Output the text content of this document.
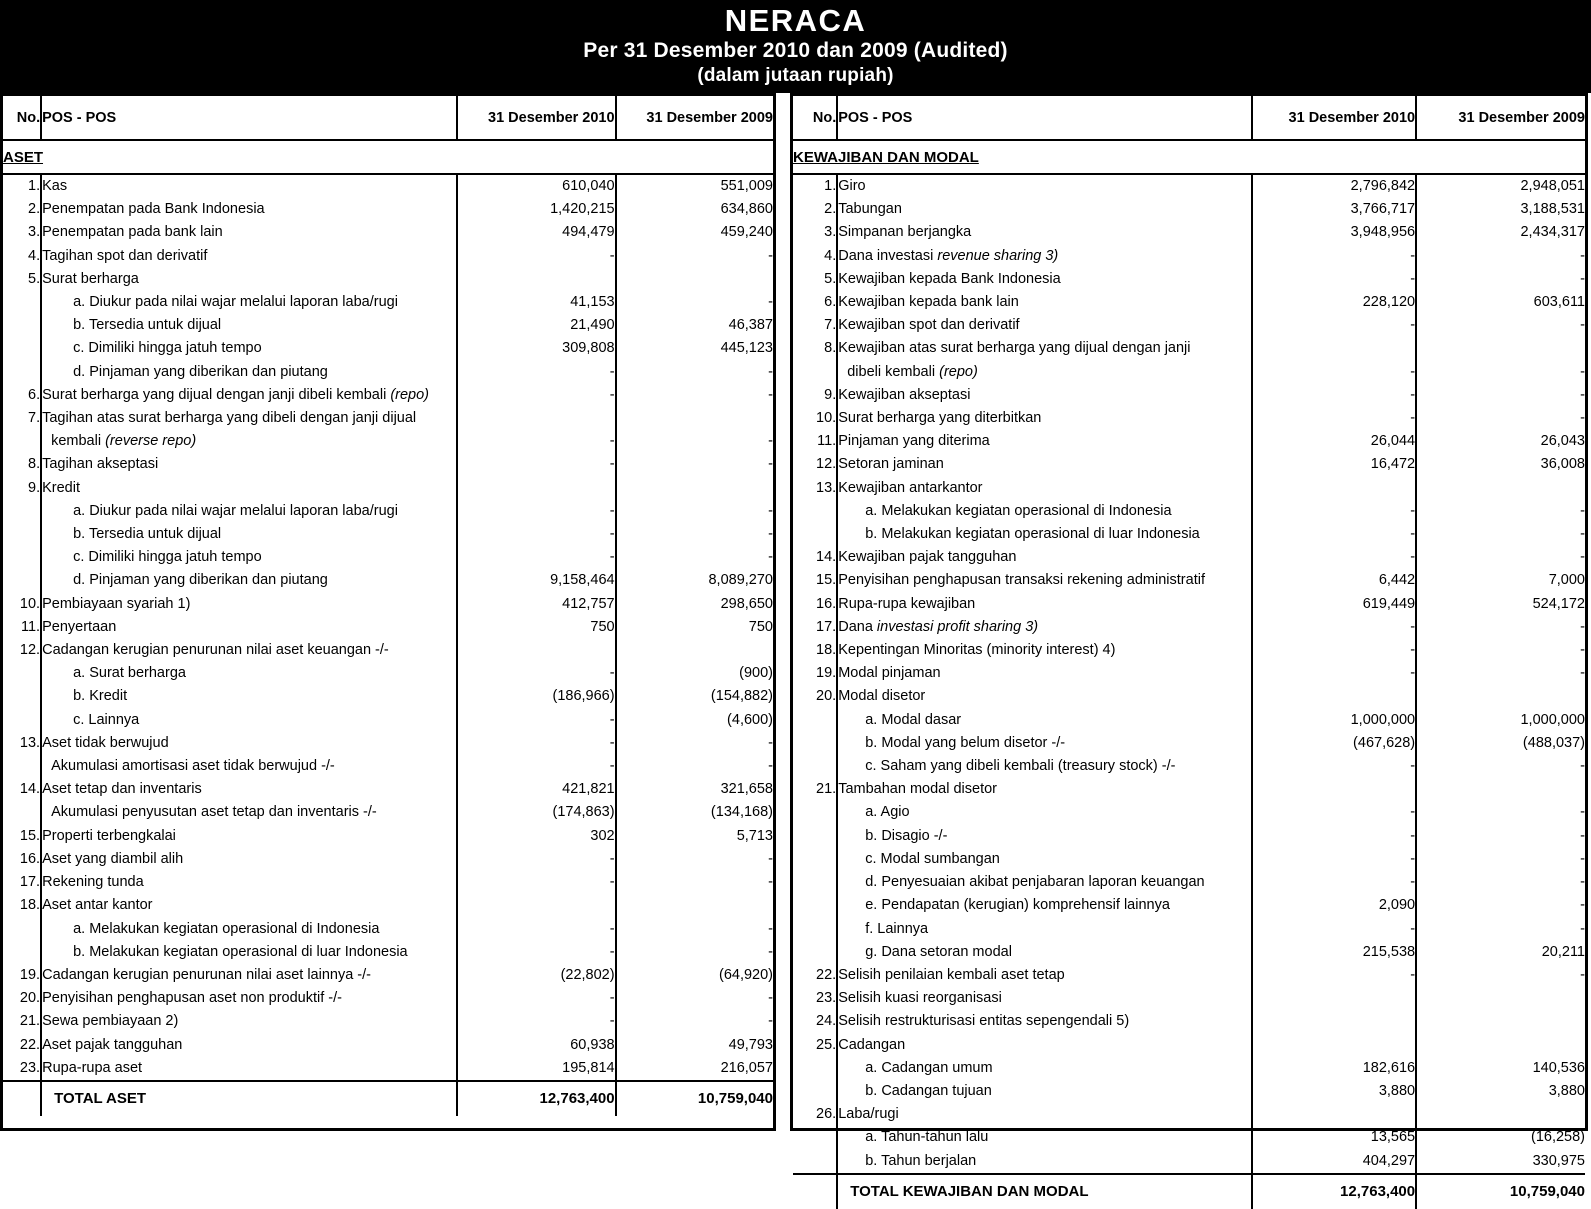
NERACA
Per 31 Desember 2010 dan 2009 (Audited)
(dalam jutaan rupiah)
No.	POS - POS	31 Desember 2010	31 Desember 2009
ASET			
1.	Kas	610,040	551,009
2.	Penempatan pada Bank Indonesia	1,420,215	634,860
3.	Penempatan pada bank lain	494,479	459,240
4.	Tagihan spot dan derivatif	-	-
5.	Surat berharga		
	a. Diukur pada nilai wajar melalui laporan laba/rugi	41,153	-
	b. Tersedia untuk dijual	21,490	46,387
	c. Dimiliki hingga jatuh tempo	309,808	445,123
	d. Pinjaman yang diberikan dan piutang	-	-
6.	Surat berharga yang dijual dengan janji dibeli kembali (repo)	-	-
7.	Tagihan atas surat berharga yang dibeli dengan janji dijual		
	kembali (reverse repo)	-	-
8.	Tagihan akseptasi	-	-
9.	Kredit		
	a. Diukur pada nilai wajar melalui laporan laba/rugi	-	-
	b. Tersedia untuk dijual	-	-
	c. Dimiliki hingga jatuh tempo	-	-
	d. Pinjaman yang diberikan dan piutang	9,158,464	8,089,270
10.	Pembiayaan syariah 1)	412,757	298,650
11.	Penyertaan	750	750
12.	Cadangan kerugian penurunan nilai aset keuangan -/-		
	a. Surat berharga	-	(900)
	b. Kredit	(186,966)	(154,882)
	c. Lainnya	-	(4,600)
13.	Aset tidak berwujud	-	-
	Akumulasi amortisasi aset tidak berwujud -/-	-	-
14.	Aset tetap dan inventaris	421,821	321,658
	Akumulasi penyusutan aset tetap dan inventaris -/-	(174,863)	(134,168)
15.	Properti terbengkalai	302	5,713
16.	Aset yang diambil alih	-	-
17.	Rekening tunda	-	-
18.	Aset antar kantor		
	a. Melakukan kegiatan operasional di Indonesia	-	-
	b. Melakukan kegiatan operasional di luar Indonesia	-	-
19.	Cadangan kerugian penurunan nilai aset lainnya -/-	(22,802)	(64,920)
20.	Penyisihan penghapusan aset non produktif -/-	-	-
21.	Sewa pembiayaan 2)	-	-
22.	Aset pajak tangguhan	60,938	49,793
23.	Rupa-rupa aset	195,814	216,057
	TOTAL ASET	12,763,400	10,759,040
No.	POS - POS	31 Desember 2010	31 Desember 2009
KEWAJIBAN DAN MODAL			
1.	Giro	2,796,842	2,948,051
2.	Tabungan	3,766,717	3,188,531
3.	Simpanan berjangka	3,948,956	2,434,317
4.	Dana investasi revenue sharing 3)	-	-
5.	Kewajiban kepada Bank Indonesia	-	-
6.	Kewajiban kepada bank lain	228,120	603,611
7.	Kewajiban spot dan derivatif	-	-
8.	Kewajiban atas surat berharga yang dijual dengan janji		
	dibeli kembali (repo)	-	-
9.	Kewajiban akseptasi	-	-
10.	Surat berharga yang diterbitkan	-	-
11.	Pinjaman yang diterima	26,044	26,043
12.	Setoran jaminan	16,472	36,008
13.	Kewajiban antarkantor		
	a. Melakukan kegiatan operasional di Indonesia	-	-
	b. Melakukan kegiatan operasional di luar Indonesia	-	-
14.	Kewajiban pajak tangguhan	-	-
15.	Penyisihan penghapusan transaksi rekening administratif	6,442	7,000
16.	Rupa-rupa kewajiban	619,449	524,172
17.	Dana investasi profit sharing 3)	-	-
18.	Kepentingan Minoritas (minority interest) 4)	-	-
19.	Modal pinjaman	-	-
20.	Modal disetor		
	a. Modal dasar	1,000,000	1,000,000
	b. Modal yang belum disetor -/-	(467,628)	(488,037)
	c. Saham yang dibeli kembali (treasury stock) -/-	-	-
21.	Tambahan modal disetor		
	a. Agio	-	-
	b. Disagio -/-	-	-
	c. Modal sumbangan	-	-
	d. Penyesuaian akibat penjabaran laporan keuangan	-	-
	e. Pendapatan (kerugian) komprehensif lainnya	2,090	-
	f. Lainnya	-	-
	g. Dana setoran modal	215,538	20,211
22.	Selisih penilaian kembali aset tetap	-	-
23.	Selisih kuasi reorganisasi		
24.	Selisih restrukturisasi entitas sepengendali 5)		
25.	Cadangan		
	a. Cadangan umum	182,616	140,536
	b. Cadangan tujuan	3,880	3,880
26.	Laba/rugi		
	a. Tahun-tahun lalu	13,565	(16,258)
	b. Tahun berjalan	404,297	330,975
	TOTAL KEWAJIBAN DAN MODAL	12,763,400	10,759,040
